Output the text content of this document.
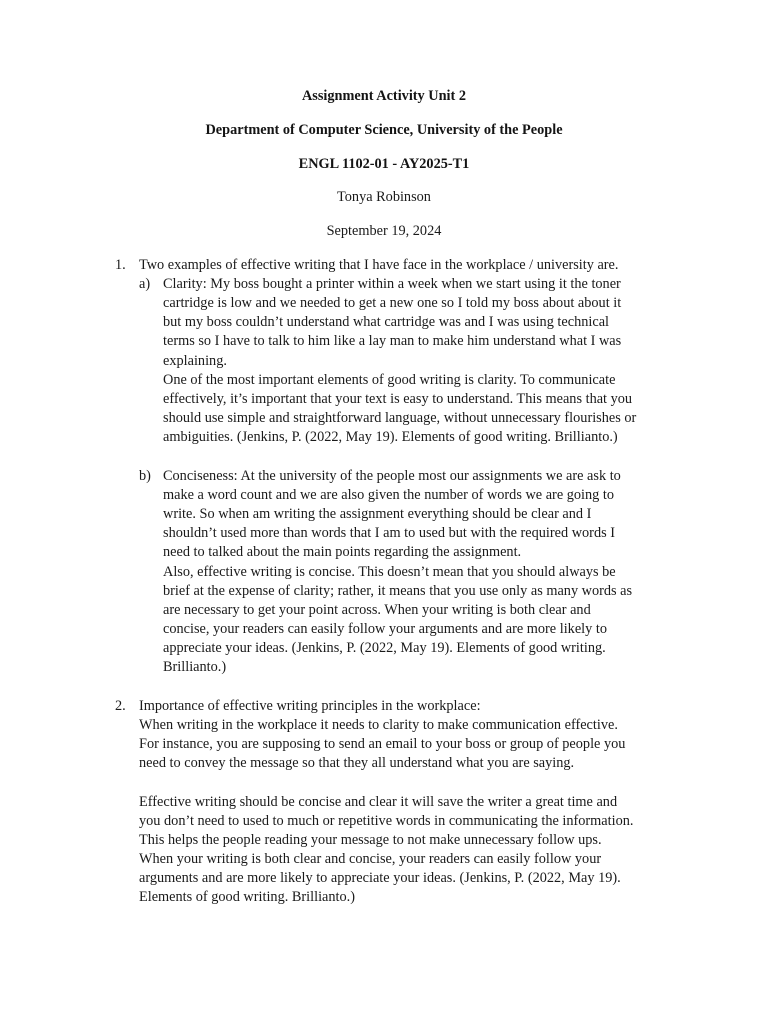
Assignment Activity Unit 2
Department of Computer Science, University of the People
ENGL 1102-01 - AY2025-T1
Tonya Robinson
September 19, 2024
1. Two examples of effective writing that I have face in the workplace / university are.
a) Clarity: My boss bought a printer within a week when we start using it the toner
cartridge is low and we needed to get a new one so I told my boss about about it
but my boss couldn’t understand what cartridge was and I was using technical
terms so I have to talk to him like a lay man to make him understand what I was
explaining.
One of the most important elements of good writing is clarity. To communicate
effectively, it’s important that your text is easy to understand. This means that you
should use simple and straightforward language, without unnecessary flourishes or
ambiguities. (Jenkins, P. (2022, May 19). Elements of good writing. Brillianto.)
b) Conciseness: At the university of the people most our assignments we are ask to
make a word count and we are also given the number of words we are going to
write. So when am writing the assignment everything should be clear and I
shouldn’t used more than words that I am to used but with the required words I
need to talked about the main points regarding the assignment.
Also, effective writing is concise. This doesn’t mean that you should always be
brief at the expense of clarity; rather, it means that you use only as many words as
are necessary to get your point across. When your writing is both clear and
concise, your readers can easily follow your arguments and are more likely to
appreciate your ideas. (Jenkins, P. (2022, May 19). Elements of good writing.
Brillianto.)
2. Importance of effective writing principles in the workplace:
When writing in the workplace it needs to clarity to make communication effective.
For instance, you are supposing to send an email to your boss or group of people you
need to convey the message so that they all understand what you are saying.
Effective writing should be concise and clear it will save the writer a great time and
you don’t need to used to much or repetitive words in communicating the information.
This helps the people reading your message to not make unnecessary follow ups.
When your writing is both clear and concise, your readers can easily follow your
arguments and are more likely to appreciate your ideas. (Jenkins, P. (2022, May 19).
Elements of good writing. Brillianto.)
